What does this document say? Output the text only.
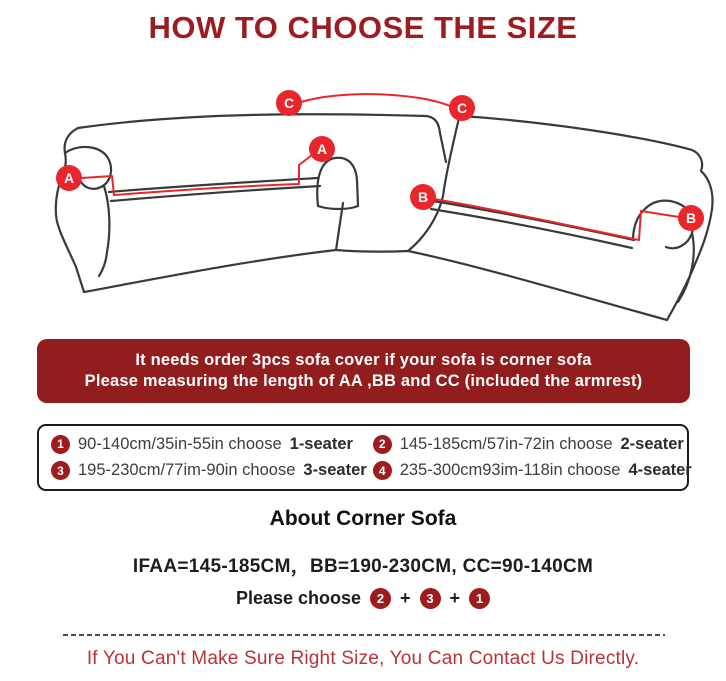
HOW TO CHOOSE THE SIZE
A
A
B
B
C	C
It needs order 3pcs sofa cover if your sofa is corner sofa
Please measuring the length of AA ,BB and CC (included the armrest)
1 90-140cm/35in-55in choose 1-seater	2 145-185cm/57in-72in choose 2-seater
3 195-230cm/77im-90in choose 3-seater	4 235-300cm93im-118in choose 4-seater
About Corner Sofa
IFAA=145-185CM，BB=190-230CM, CC=90-140CM
Please choose	2 +	3 +	1
If You Can't Make Sure Right Size, You Can Contact Us Directly.
